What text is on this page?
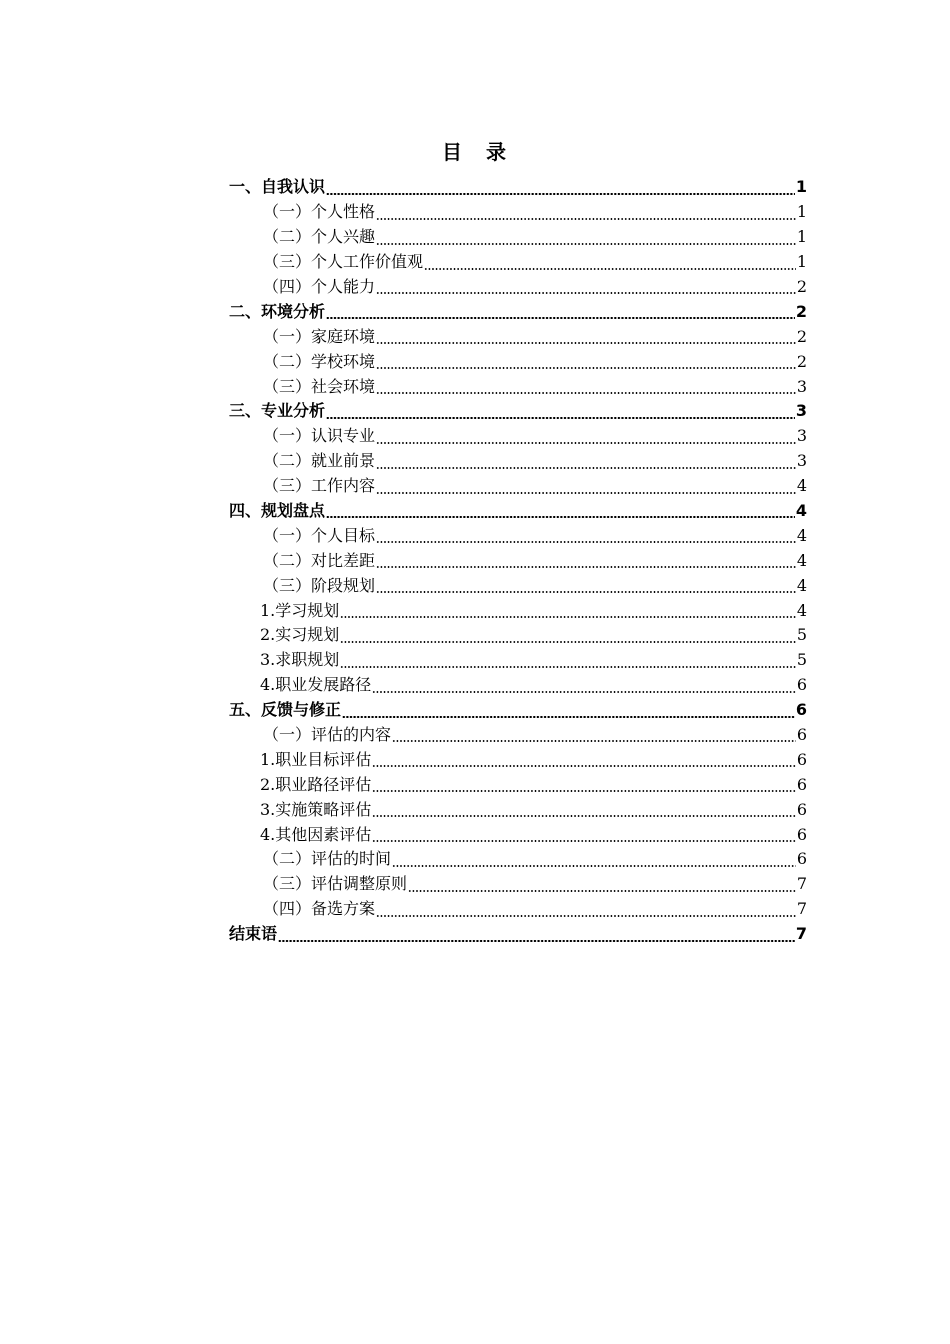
目　录
一、自我认识	1
（一）个人性格	1
（二）个人兴趣	1
（三）个人工作价值观	1
（四）个人能力	2
二、环境分析	2
（一）家庭环境	2
（二）学校环境	2
（三）社会环境	3
三、专业分析	3
（一）认识专业	3
（二）就业前景	3
（三）工作内容	4
四、规划盘点	4
（一）个人目标	4
（二）对比差距	4
（三）阶段规划	4
1.学习规划	4
2.实习规划	5
3.求职规划	5
4.职业发展路径	6
五、反馈与修正	6
（一）评估的内容	6
1.职业目标评估	6
2.职业路径评估	6
3.实施策略评估	6
4.其他因素评估	6
（二）评估的时间	6
（三）评估调整原则	7
（四）备选方案	7
结束语	7
